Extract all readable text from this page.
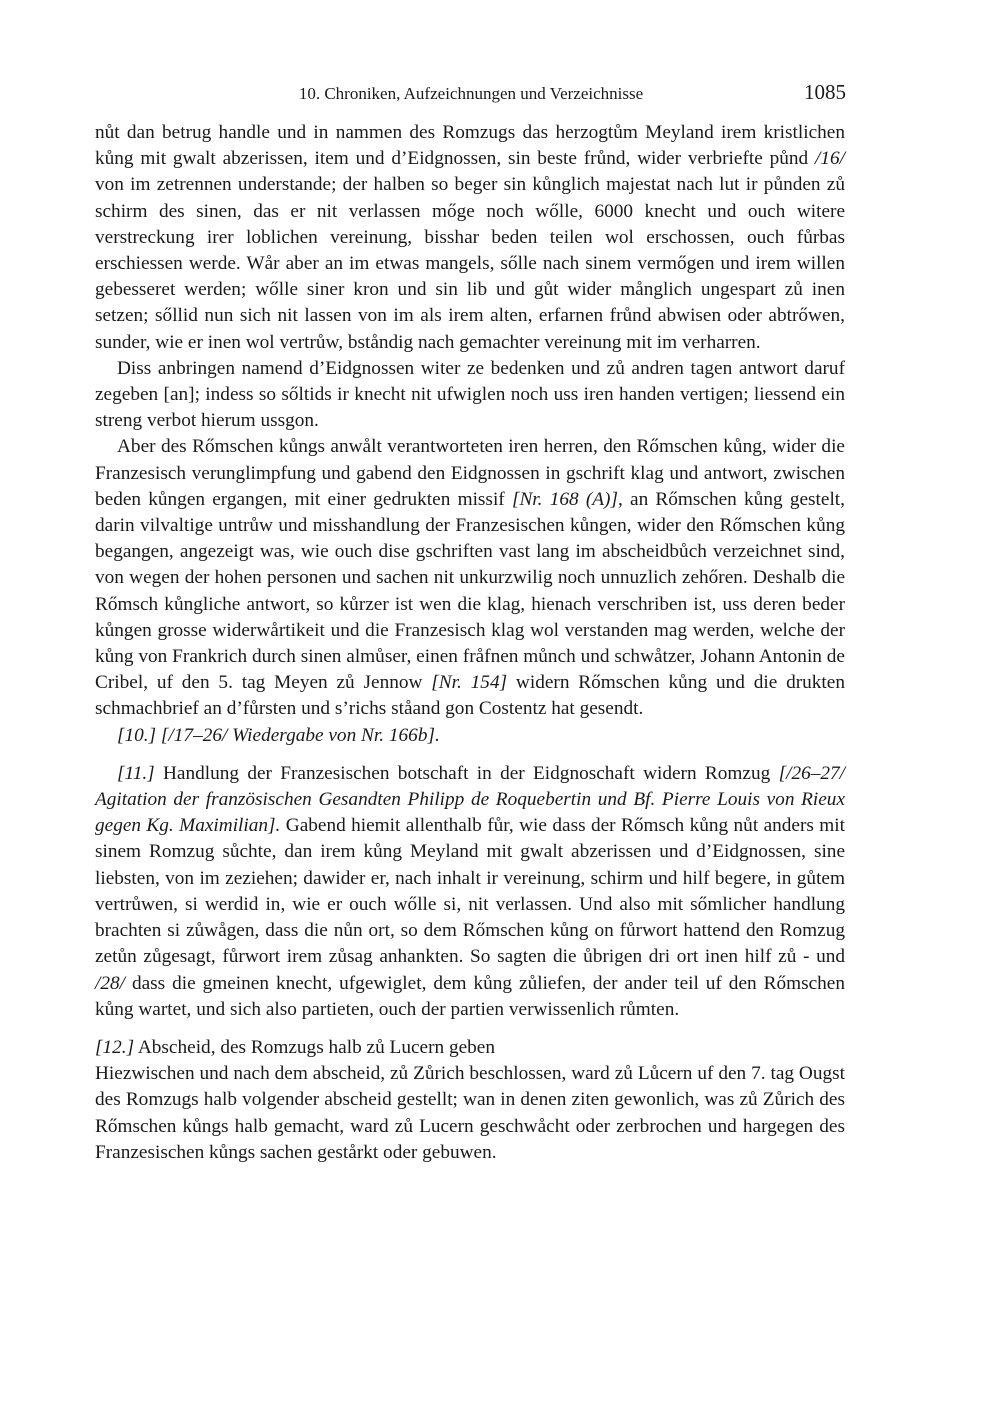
10. Chroniken, Aufzeichnungen und Verzeichnisse	1085

nůt dan betrug handle und in nammen des Romzugs das herzogtům Meyland irem kristlichen kůng mit gwalt abzerissen, item und d’Eidgnossen, sin beste frůnd, wider verbriefte půnd /16/ von im zetrennen understande; der halben so beger sin kůnglich majestat nach lut ir půnden zů schirm des sinen, das er nit verlassen mőge noch wőlle, 6000 knecht und ouch witere verstreckung irer loblichen vereinung, bisshar beden teilen wol erschossen, ouch fůrbas erschiessen werde. Wår aber an im etwas mangels, sőlle nach sinem vermőgen und irem willen gebesseret werden; wőlle siner kron und sin lib und gůt wider månglich ungespart zů inen setzen; sőllid nun sich nit lassen von im als irem alten, erfarnen frůnd abwisen oder abtrőwen, sunder, wie er inen wol vertrůw, bståndig nach gemachter vereinung mit im verharren.

Diss anbringen namend d’Eidgnossen witer ze bedenken und zů andren tagen antwort daruf zegeben [an]; indess so sőltids ir knecht nit ufwiglen noch uss iren handen vertigen; liessend ein streng verbot hierum ussgon.

Aber des Rőmschen kůngs anwålt verantworteten iren herren, den Rőmschen kůng, wider die Franzesisch verunglimpfung und gabend den Eidgnossen in gschrift klag und antwort, zwischen beden kůngen ergangen, mit einer gedrukten missif [Nr. 168 (A)], an Rőmschen kůng gestelt, darin vilvaltige untrůw und misshandlung der Franzesischen kůngen, wider den Rőmschen kůng begangen, angezeigt was, wie ouch dise gschriften vast lang im abscheidbůch verzeichnet sind, von wegen der hohen personen und sachen nit unkurzwilig noch unnuzlich zehőren. Deshalb die Rőmsch kůngliche antwort, so kůrzer ist wen die klag, hienach verschriben ist, uss deren beder kůngen grosse widerwårtikeit und die Franzesisch klag wol verstanden mag werden, welche der kůng von Frankrich durch sinen almůser, einen fråfnen můnch und schwåtzer, Johann Antonin de Cribel, uf den 5. tag Meyen zů Jennow [Nr. 154] widern Rőmschen kůng und die drukten schmachbrief an d’fůrsten und s’richs ståand gon Costentz hat gesendt.

[10.] [/17–26/ Wiedergabe von Nr. 166b].

[11.] Handlung der Franzesischen botschaft in der Eidgnoschaft widern Romzug [/26–27/ Agitation der französischen Gesandten Philipp de Roquebertin und Bf. Pierre Louis von Rieux gegen Kg. Maximilian]. Gabend hiemit allenthalb fůr, wie dass der Rőmsch kůng nůt anders mit sinem Romzug sůchte, dan irem kůng Meyland mit gwalt abzerissen und d’Eidgnossen, sine liebsten, von im zeziehen; dawider er, nach inhalt ir vereinung, schirm und hilf begere, in gůtem vertrůwen, si werdid in, wie er ouch wőlle si, nit verlassen. Und also mit sőmlicher handlung brachten si zůwågen, dass die nůn ort, so dem Rőmschen kůng on fůrwort hattend den Romzug zetůn zůgesagt, fůrwort irem zůsag anhankten. So sagten die ůbrigen dri ort inen hilf zů - und /28/ dass die gmeinen knecht, ufgewiglet, dem kůng zůliefen, der ander teil uf den Rőmschen kůng wartet, und sich also partieten, ouch der partien verwissenlich růmten.

[12.] Abscheid, des Romzugs halb zů Lucern geben

Hiezwischen und nach dem abscheid, zů Zůrich beschlossen, ward zů Lůcern uf den 7. tag Ougst des Romzugs halb volgender abscheid gestellt; wan in denen ziten gewonlich, was zů Zůrich des Rőmschen kůngs halb gemacht, ward zů Lucern geschwåcht oder zerbrochen und hargegen des Franzesischen kůngs sachen gestårkt oder gebuwen.
